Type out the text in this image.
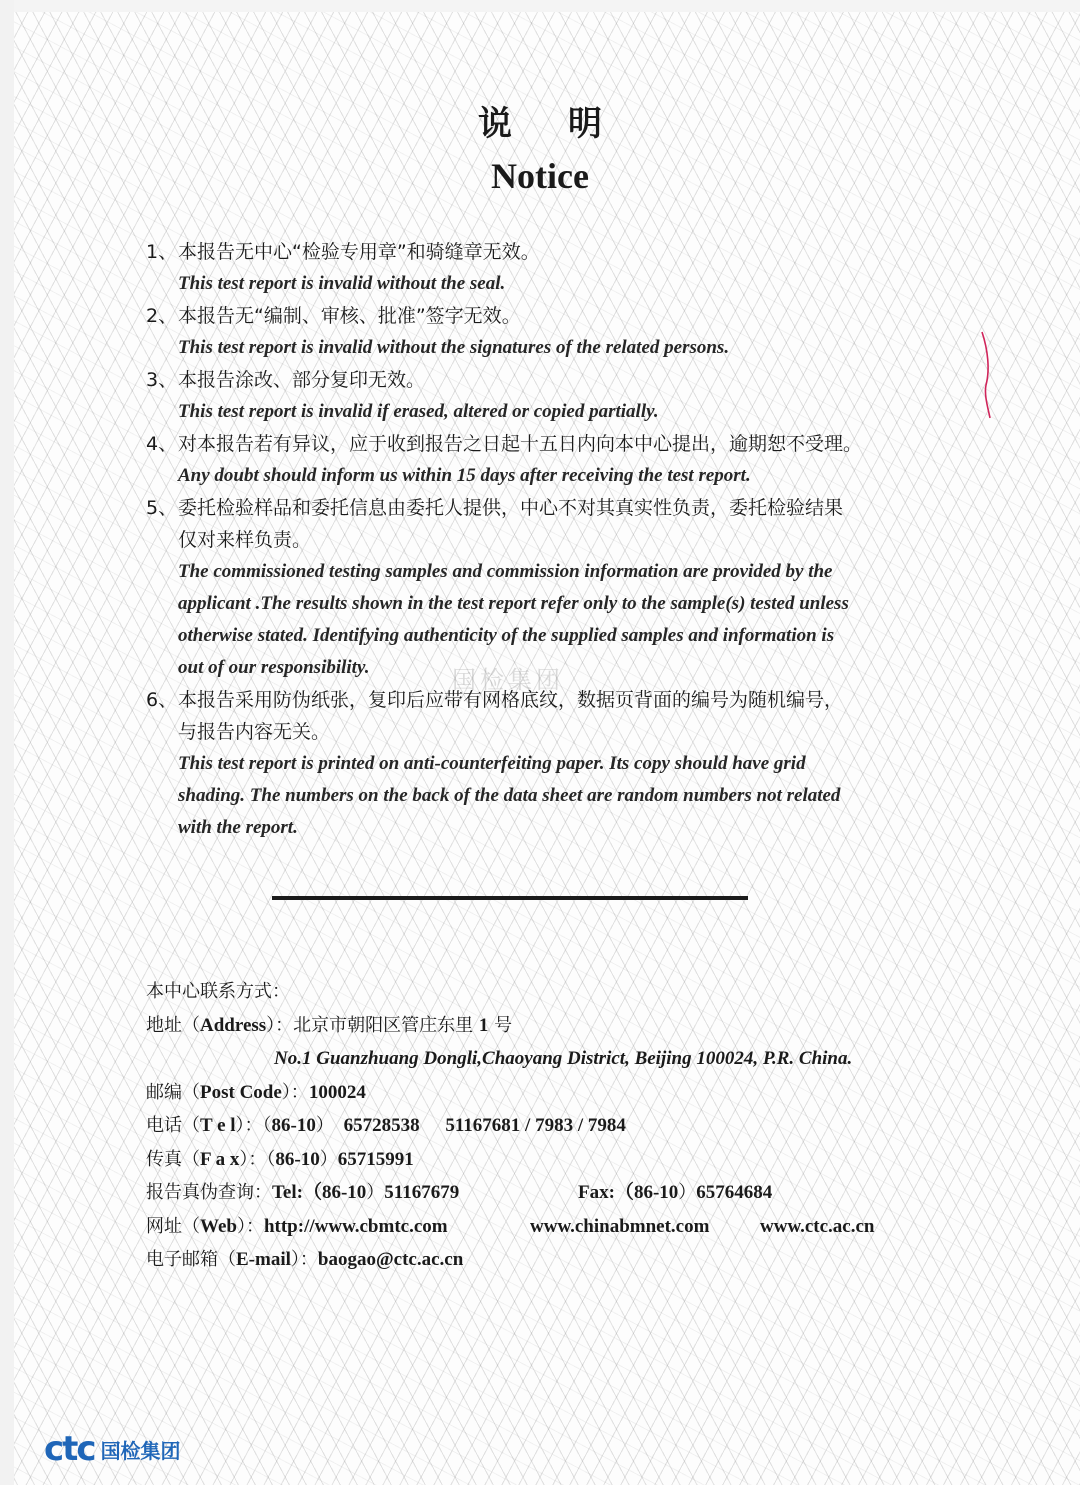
说明
Notice
1、 本报告无中心“检验专用章”和骑缝章无效。
This test report is invalid without the seal.
2、 本报告无“编制、审核、批准”签字无效。
This test report is invalid without the signatures of the related persons.
3、 本报告涂改、部分复印无效。
This test report is invalid if erased, altered or copied partially.
4、 对本报告若有异议，应于收到报告之日起十五日内向本中心提出，逾期恕不受理。
Any doubt should inform us within 15 days after receiving the test report.
5、 委托检验样品和委托信息由委托人提供，中心不对其真实性负责，委托检验结果
仅对来样负责。
The commissioned testing samples and commission information are provided by the
applicant .The results shown in the test report refer only to the sample(s) tested unless
otherwise stated. Identifying authenticity of the supplied samples and information is
out of our responsibility.
6、 本报告采用防伪纸张，复印后应带有网格底纹，数据页背面的编号为随机编号，
与报告内容无关。
This test report is printed on anti-counterfeiting paper. Its copy should have grid
shading. The numbers on the back of the data sheet are random numbers not related
with the report.
国检集团
本中心联系方式：
地址（Address）：北京市朝阳区管庄东里 1 号
No.1 Guanzhuang Dongli,Chaoyang District, Beijing 100024, P.R. China.
邮编（Post Code）：100024
电话（T e l）：（86-10） 65728538 51167681 / 7983 / 7984
传真（F a x）：（86-10）65715991
报告真伪查询：Tel:（86-10）51167679	Fax:（86-10）65764684
网址（Web）：http://www.cbmtc.com	www.chinabmnet.com	www.ctc.ac.cn
电子邮箱（E-mail）：baogao@ctc.ac.cn
ctc 国检集团
